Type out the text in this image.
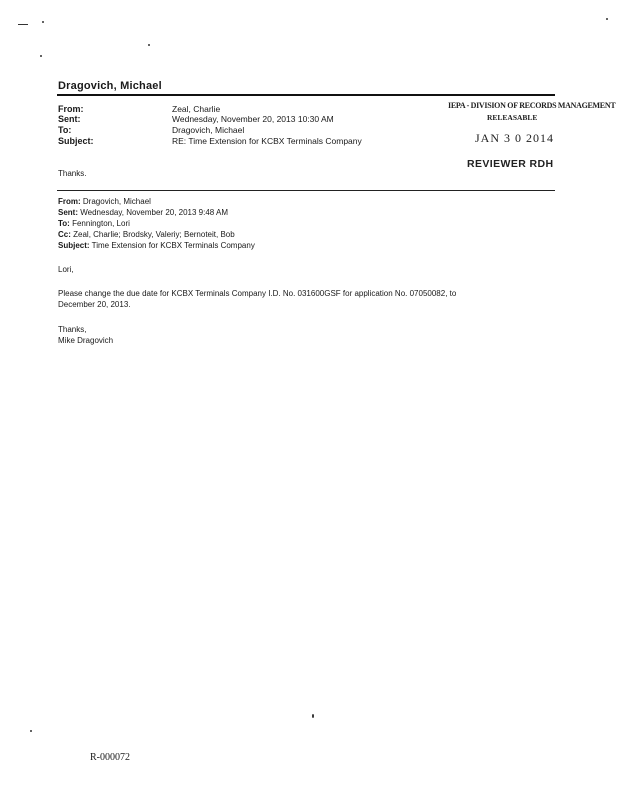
Dragovich, Michael
From:
Sent:
To:
Subject:
Zeal, Charlie
Wednesday, November 20, 2013 10:30 AM
Dragovich, Michael
RE: Time Extension for KCBX Terminals Company
IEPA - DIVISION OF RECORDS MANAGEMENT
RELEASABLE
JAN 3 0 2014
REVIEWER RDH
Thanks.
From: Dragovich, Michael
Sent: Wednesday, November 20, 2013 9:48 AM
To: Fennington, Lori
Cc: Zeal, Charlie; Brodsky, Valeriy; Bernoteit, Bob
Subject: Time Extension for KCBX Terminals Company
Lori,
Please change the due date for KCBX Terminals Company I.D. No. 031600GSF for application No. 07050082, to
December 20, 2013.
Thanks,
Mike Dragovich
R-000072
